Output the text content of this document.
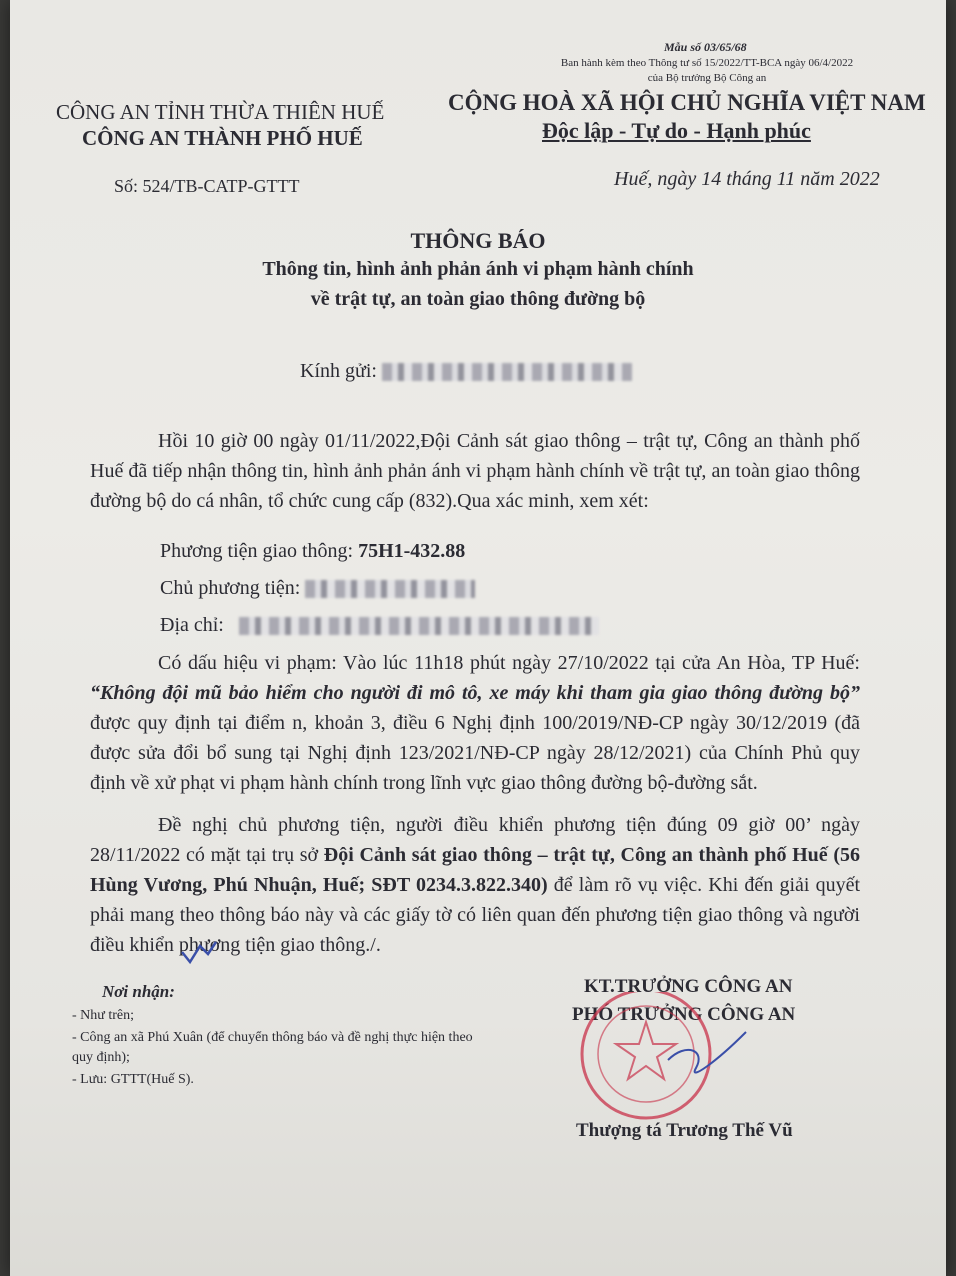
Mẫu số 03/65/68
Ban hành kèm theo Thông tư số 15/2022/TT-BCA ngày 06/4/2022 của Bộ trưởng Bộ Công an
CÔNG AN TỈNH THỪA THIÊN HUẾ
CÔNG AN THÀNH PHỐ HUẾ
CỘNG HOÀ XÃ HỘI CHỦ NGHĨA VIỆT NAM
Độc lập - Tự do - Hạnh phúc
Số: 524/TB-CATP-GTTT	Huế, ngày 14 tháng 11 năm 2022
THÔNG BÁO
Thông tin, hình ảnh phản ánh vi phạm hành chính
về trật tự, an toàn giao thông đường bộ
Kính gửi:
Hồi 10 giờ 00 ngày 01/11/2022,Đội Cảnh sát giao thông – trật tự, Công an thành phố Huế đã tiếp nhận thông tin, hình ảnh phản ánh vi phạm hành chính về trật tự, an toàn giao thông đường bộ do cá nhân, tổ chức cung cấp (832).Qua xác minh, xem xét:
Phương tiện giao thông: 75H1-432.88
Chủ phương tiện:
Địa chỉ:
Có dấu hiệu vi phạm: Vào lúc 11h18 phút ngày 27/10/2022 tại cửa An Hòa, TP Huế: “Không đội mũ bảo hiểm cho người đi mô tô, xe máy khi tham gia giao thông đường bộ” được quy định tại điểm n, khoản 3, điều 6 Nghị định 100/2019/NĐ-CP ngày 30/12/2019 (đã được sửa đổi bổ sung tại Nghị định 123/2021/NĐ-CP ngày 28/12/2021) của Chính Phủ quy định về xử phạt vi phạm hành chính trong lĩnh vực giao thông đường bộ-đường sắt.
Đề nghị chủ phương tiện, người điều khiển phương tiện đúng 09 giờ 00’ ngày 28/11/2022 có mặt tại trụ sở Đội Cảnh sát giao thông – trật tự, Công an thành phố Huế (56 Hùng Vương, Phú Nhuận, Huế; SĐT 0234.3.822.340) để làm rõ vụ việc. Khi đến giải quyết phải mang theo thông báo này và các giấy tờ có liên quan đến phương tiện giao thông và người điều khiển phương tiện giao thông./.
Nơi nhận:
- Như trên;
- Công an xã Phú Xuân (để chuyển thông báo và đề nghị thực hiện theo quy định);
- Lưu: GTTT(Huế S).
KT.TRƯỞNG CÔNG AN
PHÓ TRƯỞNG CÔNG AN
Thượng tá Trương Thế Vũ
